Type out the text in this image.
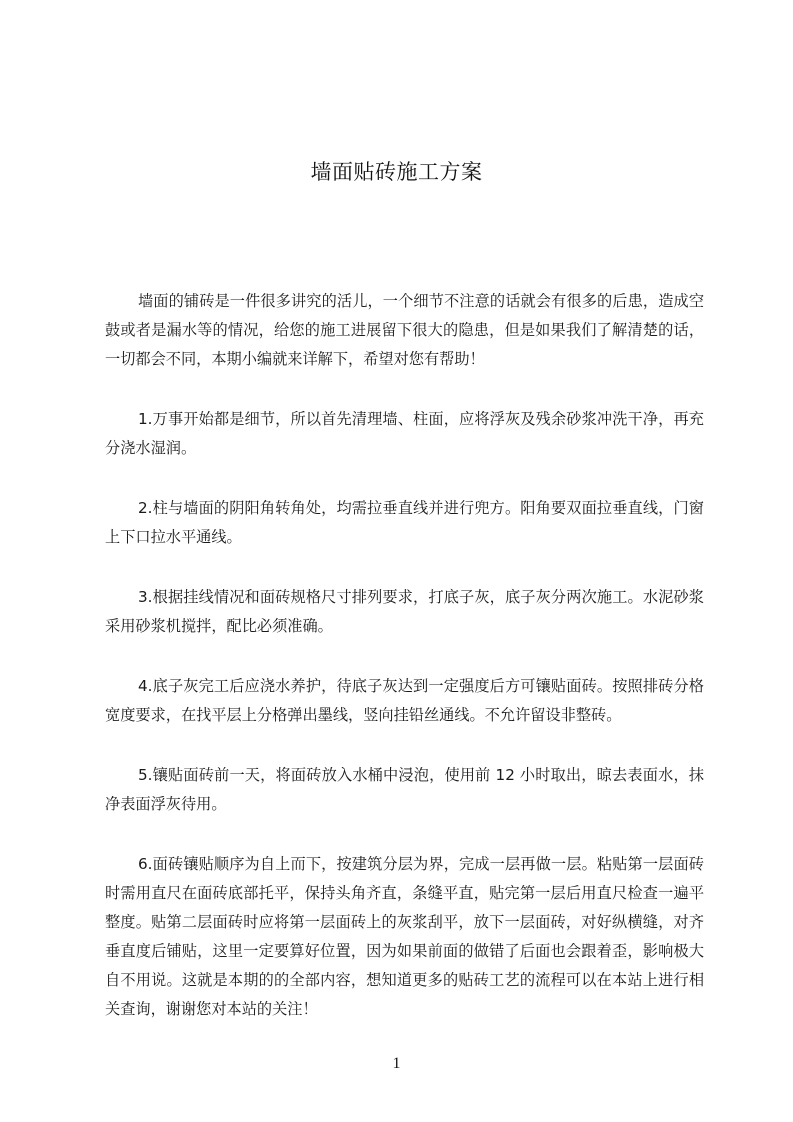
墙面贴砖施工方案

墙面的铺砖是一件很多讲究的活儿，一个细节不注意的话就会有很多的后患，造成空鼓或者是漏水等的情况，给您的施工进展留下很大的隐患，但是如果我们了解清楚的话，一切都会不同，本期小编就来详解下，希望对您有帮助！

1.万事开始都是细节，所以首先清理墙、柱面，应将浮灰及残余砂浆冲洗干净，再充分浇水湿润。

2.柱与墙面的阴阳角转角处，均需拉垂直线并进行兜方。阳角要双面拉垂直线，门窗上下口拉水平通线。

3.根据挂线情况和面砖规格尺寸排列要求，打底子灰，底子灰分两次施工。水泥砂浆采用砂浆机搅拌，配比必须准确。

4.底子灰完工后应浇水养护，待底子灰达到一定强度后方可镶贴面砖。按照排砖分格宽度要求，在找平层上分格弹出墨线，竖向挂铅丝通线。不允许留设非整砖。

5.镶贴面砖前一天，将面砖放入水桶中浸泡，使用前 12 小时取出，晾去表面水，抹净表面浮灰待用。

6.面砖镶贴顺序为自上而下，按建筑分层为界，完成一层再做一层。粘贴第一层面砖时需用直尺在面砖底部托平，保持头角齐直，条缝平直，贴完第一层后用直尺检查一遍平整度。贴第二层面砖时应将第一层面砖上的灰浆刮平，放下一层面砖，对好纵横缝，对齐垂直度后铺贴，这里一定要算好位置，因为如果前面的做错了后面也会跟着歪，影响极大自不用说。这就是本期的的全部内容，想知道更多的贴砖工艺的流程可以在本站上进行相关查询，谢谢您对本站的关注！

1
